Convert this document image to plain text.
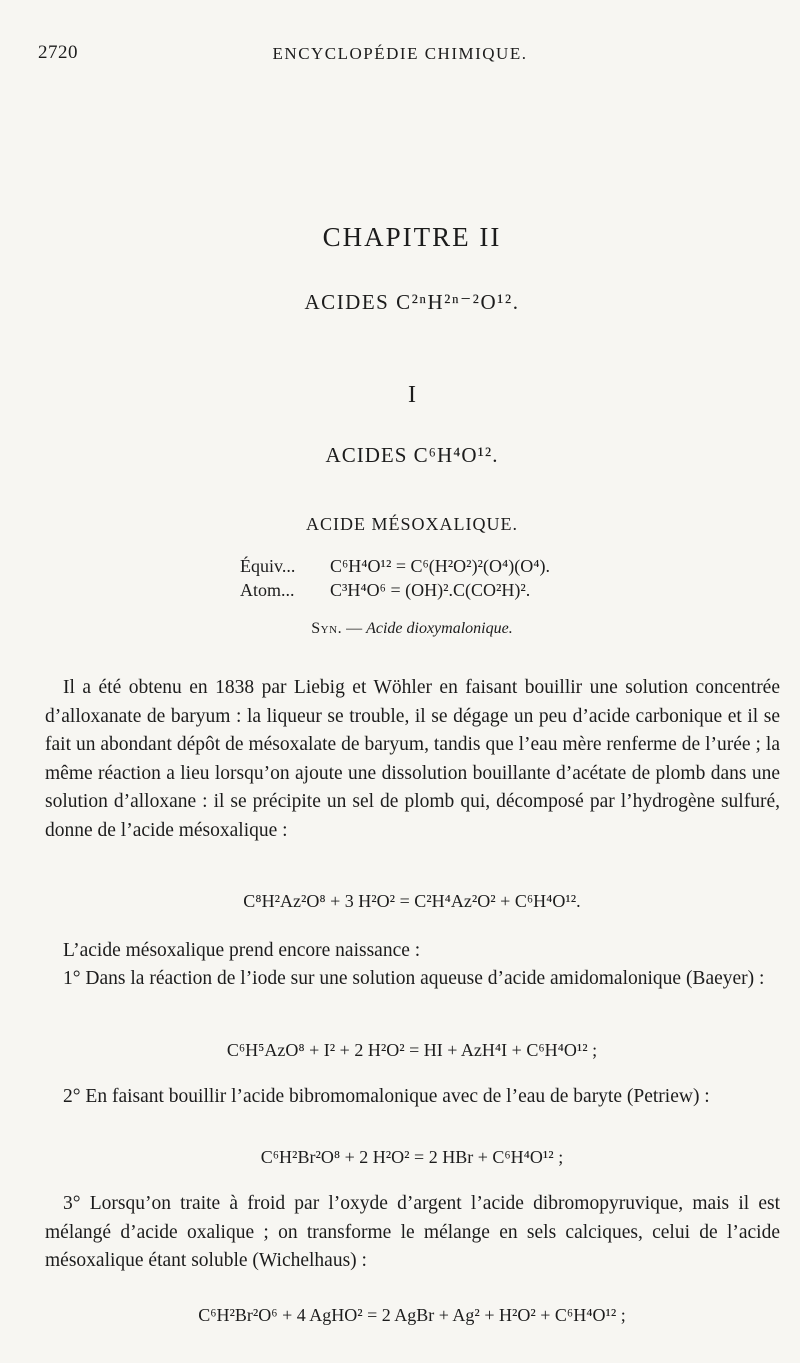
2720	ENCYCLOPÉDIE CHIMIQUE.
CHAPITRE II
ACIDES C²ⁿH²ⁿ⁻²O¹².
I
ACIDES C⁶H⁴O¹².
ACIDE MÉSOXALIQUE.
Équiv... C⁶H⁴O¹² = C⁶(H²O²)²(O⁴)(O⁴).
Atom... C³H⁴O⁶ = (OH)².C(CO²H)².
Syn. — Acide dioxymalonique.
Il a été obtenu en 1838 par Liebig et Wöhler en faisant bouillir une solution concentrée d’alloxanate de baryum : la liqueur se trouble, il se dégage un peu d’acide carbonique et il se fait un abondant dépôt de mésoxalate de baryum, tandis que l’eau mère renferme de l’urée ; la même réaction a lieu lorsqu’on ajoute une dissolution bouillante d’acétate de plomb dans une solution d’alloxane : il se précipite un sel de plomb qui, décomposé par l’hydrogène sulfuré, donne de l’acide mésoxalique :
C⁸H²Az²O⁸ + 3 H²O² = C²H⁴Az²O² + C⁶H⁴O¹².
L’acide mésoxalique prend encore naissance :
1° Dans la réaction de l’iode sur une solution aqueuse d’acide amidomalonique (Baeyer) :
C⁶H⁵AzO⁸ + I² + 2 H²O² = HI + AzH⁴I + C⁶H⁴O¹² ;
2° En faisant bouillir l’acide bibromomalonique avec de l’eau de baryte (Petriew) :
C⁶H²Br²O⁸ + 2 H²O² = 2 HBr + C⁶H⁴O¹² ;
3° Lorsqu’on traite à froid par l’oxyde d’argent l’acide dibromopyruvique, mais il est mélangé d’acide oxalique ; on transforme le mélange en sels calciques, celui de l’acide mésoxalique étant soluble (Wichelhaus) :
C⁶H²Br²O⁶ + 4 AgHO² = 2 AgBr + Ag² + H²O² + C⁶H⁴O¹² ;
